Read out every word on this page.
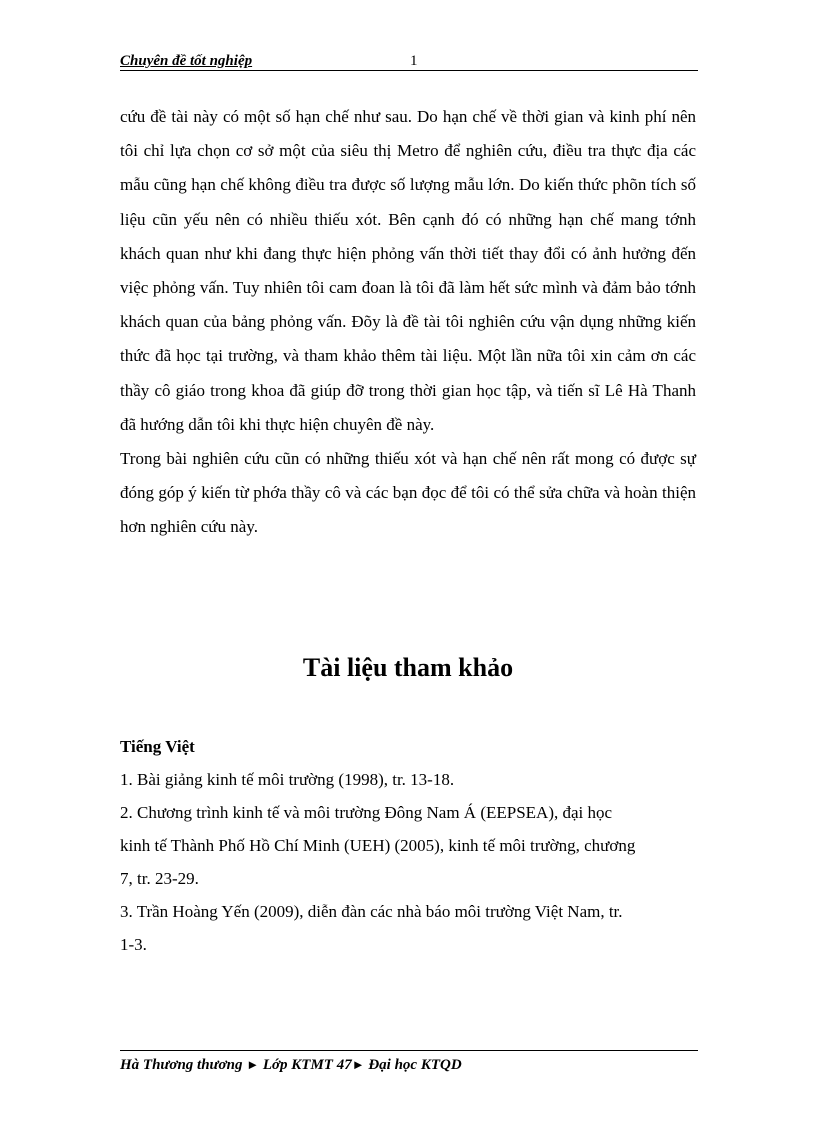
Chuyên đề tốt nghiệp	1

cứu đề tài này có một số hạn chế như sau. Do hạn chế về thời gian và kinh phí nên tôi chỉ lựa chọn cơ sở một của siêu thị Metro để nghiên cứu, điều tra thực địa các mẫu cũng hạn chế không điều tra được số lượng mẫu lớn. Do kiến thức phõn tích số liệu cũn yếu nên có nhiều thiếu xót. Bên cạnh đó có những hạn chế mang tớnh khách quan như khi đang thực hiện phỏng vấn thời tiết thay đổi có ảnh hưởng đến việc phỏng vấn. Tuy nhiên tôi cam đoan là tôi đã làm hết sức mình và đảm bảo tớnh khách quan của bảng phỏng vấn. Đõy là đề tài tôi nghiên cứu vận dụng những kiến thức đã học tại trường, và tham khảo thêm tài liệu. Một lần nữa tôi xin cảm ơn các thầy cô giáo trong khoa đã giúp đỡ trong thời gian học tập, và tiến sĩ Lê Hà Thanh đã hướng dẫn tôi khi thực hiện chuyên đề này.

Trong bài nghiên cứu cũn có những thiếu xót và hạn chế nên rất mong có được sự đóng góp ý kiến từ phớa thầy cô và các bạn đọc để tôi có thể sửa chữa và hoàn thiện hơn nghiên cứu này.

Tài liệu tham khảo

Tiếng Việt

1. Bài giảng kinh tế môi trường (1998), tr. 13-18.

2. Chương trình kinh tế và môi trường Đông Nam Á (EEPSEA), đại học

kinh tế Thành Phố Hồ Chí Minh (UEH) (2005), kinh tế môi trường, chương

7, tr. 23-29.

3. Trần Hoàng Yến (2009), diễn đàn các nhà báo môi trường Việt Nam, tr.

1-3.

Hà Thương thương ► Lớp KTMT 47► Đại học KTQD
